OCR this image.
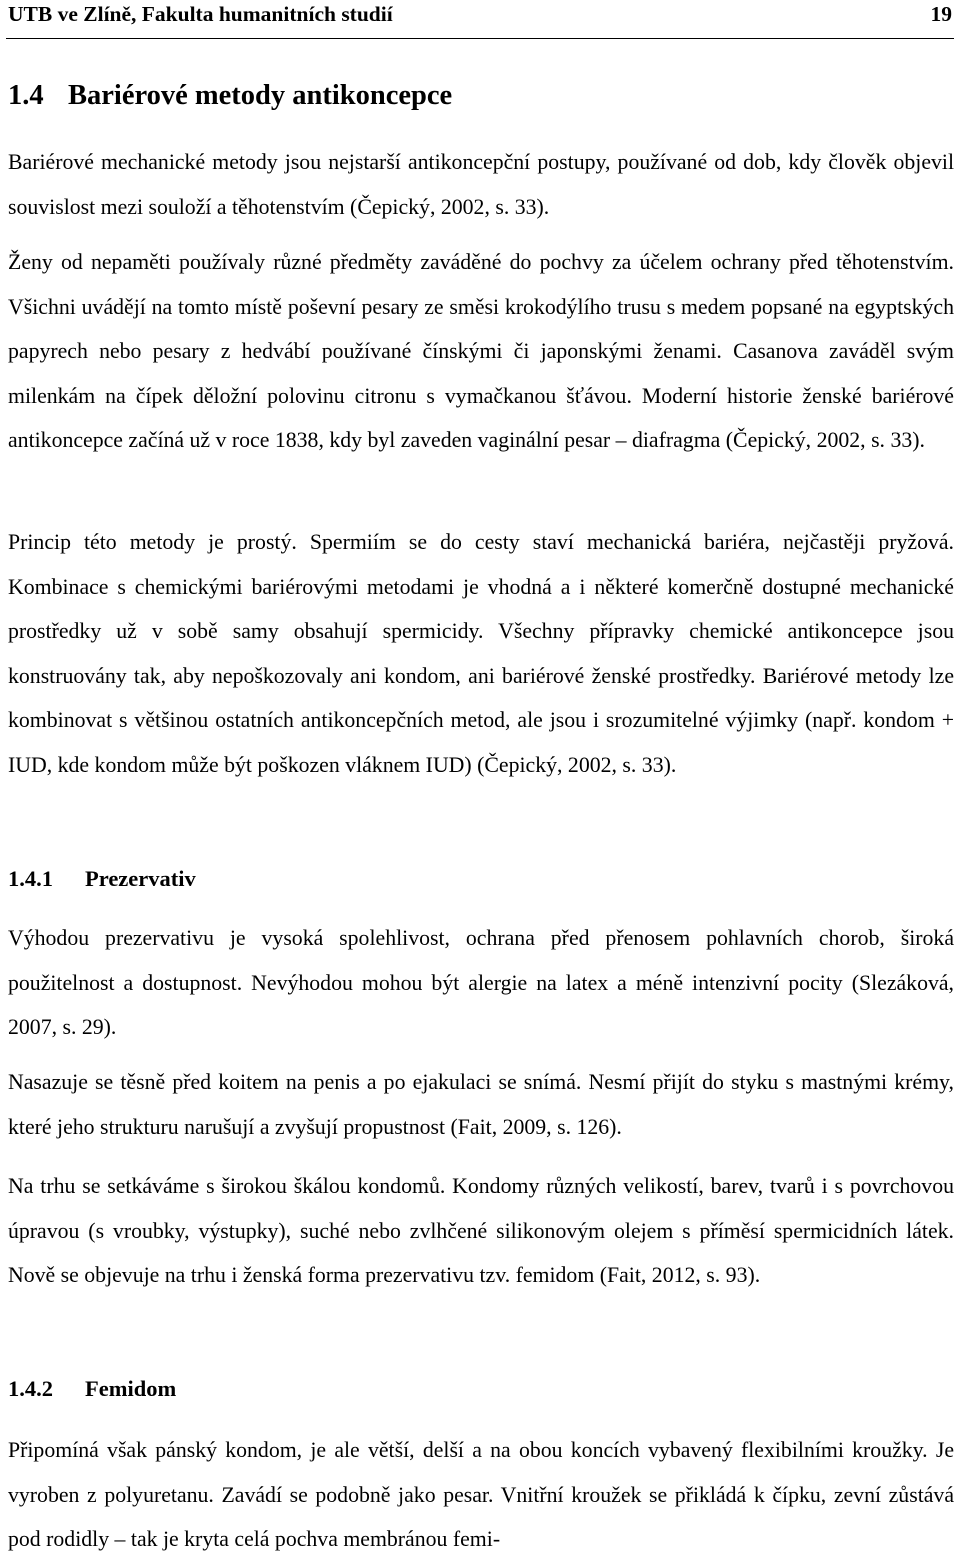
UTB ve Zlíně, Fakulta humanitních studií	19
1.4 Bariérové metody antikoncepce
Bariérové mechanické metody jsou nejstarší antikoncepční postupy, používané od dob, kdy člověk objevil souvislost mezi souloží a těhotenstvím (Čepický, 2002, s. 33).
Ženy od nepaměti používaly různé předměty zaváděné do pochvy za účelem ochrany před těhotenstvím. Všichni uvádějí na tomto místě poševní pesary ze směsi krokodýlího trusu s medem popsané na egyptských papyrech nebo pesary z hedvábí používané čínskými či japonskými ženami. Casanova zaváděl svým milenkám na čípek děložní polovinu citronu s vymačkanou šťávou. Moderní historie ženské bariérové antikoncepce začíná už v roce 1838, kdy byl zaveden vaginální pesar – diafragma (Čepický, 2002, s. 33).
Princip této metody je prostý. Spermiím se do cesty staví mechanická bariéra, nejčastěji pryžová. Kombinace s chemickými bariérovými metodami je vhodná a i některé komerčně dostupné mechanické prostředky už v sobě samy obsahují spermicidy. Všechny přípravky chemické antikoncepce jsou konstruovány tak, aby nepoškozovaly ani kondom, ani bariérové ženské prostředky. Bariérové metody lze kombinovat s většinou ostatních antikoncepčních metod, ale jsou i srozumitelné výjimky (např. kondom + IUD, kde kondom může být poškozen vláknem IUD) (Čepický, 2002, s. 33).
1.4.1 Prezervativ
Výhodou prezervativu je vysoká spolehlivost, ochrana před přenosem pohlavních chorob, široká použitelnost a dostupnost. Nevýhodou mohou být alergie na latex a méně intenzivní pocity (Slezáková, 2007, s. 29).
Nasazuje se těsně před koitem na penis a po ejakulaci se snímá. Nesmí přijít do styku s mastnými krémy, které jeho strukturu narušují a zvyšují propustnost (Fait, 2009, s. 126).
Na trhu se setkáváme s širokou škálou kondomů. Kondomy různých velikostí, barev, tvarů i s povrchovou úpravou (s vroubky, výstupky), suché nebo zvlhčené silikonovým olejem s příměsí spermicidních látek. Nově se objevuje na trhu i ženská forma prezervativu tzv. femidom (Fait, 2012, s. 93).
1.4.2 Femidom
Připomíná však pánský kondom, je ale větší, delší a na obou koncích vybavený flexibilními kroužky. Je vyroben z polyuretanu. Zavádí se podobně jako pesar. Vnitřní kroužek se přikládá k čípku, zevní zůstává pod rodidly – tak je kryta celá pochva membránou femi-
